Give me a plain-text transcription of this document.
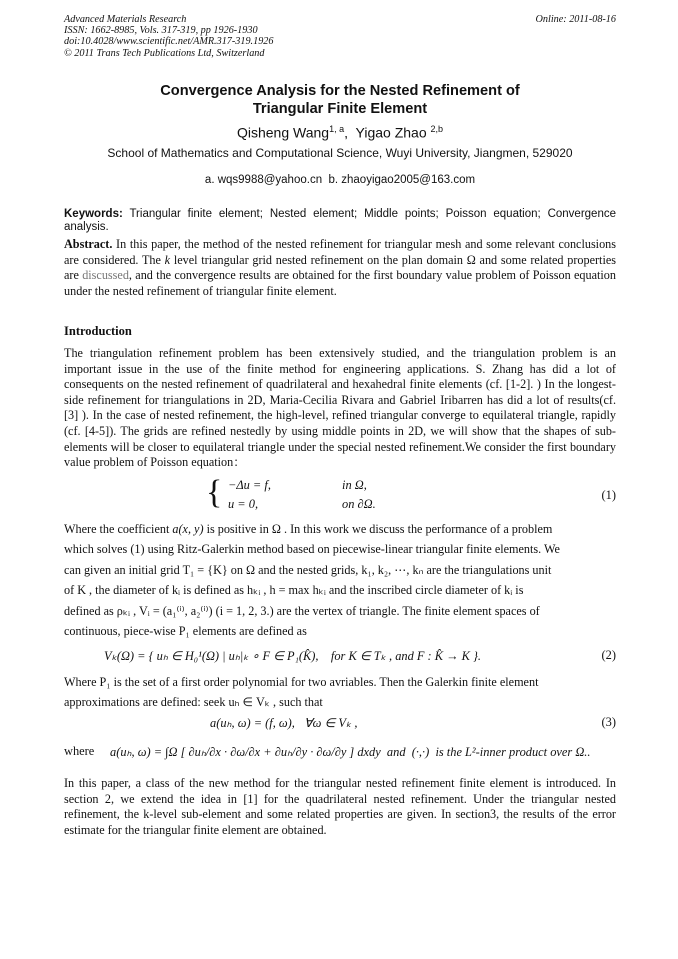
Advanced Materials Research
ISSN: 1662-8985, Vols. 317-319, pp 1926-1930
doi:10.4028/www.scientific.net/AMR.317-319.1926
© 2011 Trans Tech Publications Ltd, Switzerland
Online: 2011-08-16
Convergence Analysis for the Nested Refinement of
Triangular Finite Element
Qisheng Wang$^{1, a}$,  Yigao Zhao $^{2,b}$
School of Mathematics and Computational Science, Wuyi University, Jiangmen, 529020
a. wqs9988@yahoo.cn  b. zhaoyigao2005@163.com
Keywords: Triangular finite element; Nested element; Middle points; Poisson equation; Convergence analysis.
Abstract. In this paper, the method of the nested refinement for triangular mesh and some relevant conclusions are considered. The k level triangular grid nested refinement on the plan domain Ω and some related properties are discussed, and the convergence results are obtained for the first boundary value problem of Poisson equation under the nested refinement of triangular finite element.
Introduction
The triangulation refinement problem has been extensively studied, and the triangulation problem is an important issue in the use of the finite method for engineering applications. S. Zhang has did a lot of consequents on the nested refinement of quadrilateral and hexahedral finite elements (cf. [1-2]. ) In the longest-side refinement for triangulations in 2D, Maria-Cecilia Rivara and Gabriel Iribarren has did a lot of results(cf. [3] ). In the case of nested refinement, the high-level, refined triangular converge to equilateral triangle, rapidly (cf. [4-5]). The grids are refined nestedly by using middle points in 2D, we will show that the shapes of sub-elements will be closer to equilateral triangle under the special nested refinement.We consider the first boundary value problem of Poisson equation：
{ −Δu = f,	in Ω,
u = 0,	on ∂Ω.
(1)
Where the coefficient a(x, y) is positive in Ω . In this work we discuss the performance of a problem
which solves (1) using Ritz-Galerkin method based on piecewise-linear triangular finite elements. We
can given an initial grid T₁ = {K} on Ω and the nested grids, k₁, k₂, ⋯, kₙ are the triangulations unit
of K , the diameter of kᵢ is defined as hₖᵢ , h = max hₖᵢ and the inscribed circle diameter of kᵢ is
defined as ρₖᵢ , Vᵢ = (a₁⁽ⁱ⁾, a₂⁽ⁱ⁾) (i = 1, 2, 3.) are the vertex of triangle. The finite element spaces of
continuous, piece-wise P₁ elements are defined as
Vₖ(Ω) = { uₕ ∈ H₀¹(Ω) | uₕ|ₖ ∘ F ∈ P₁(K̂),    for K ∈ Tₖ , and F : K̂ → K }.	(2)
Where P₁ is the set of a first order polynomial for two avriables. Then the Galerkin finite element
approximations are defined: seek uₕ ∈ Vₖ , such that
a(uₕ, ω) = (f, ω),   ∀ω ∈ Vₖ ,	(3)
where a(uₕ, ω) = ∫Ω [ ∂uₕ/∂x · ∂ω/∂x + ∂uₕ/∂y · ∂ω/∂y ] dxdy  and  (·,·)  is the L²-inner product over Ω..
In this paper, a class of the new method for the triangular nested refinement finite element is introduced. In section 2, we extend the idea in [1] for the quadrilateral nested refinement. Under the triangular nested refinement, the k-level sub-element and some related properties are given. In section3, the results of the error estimate for the triangular finite element are obtained.
